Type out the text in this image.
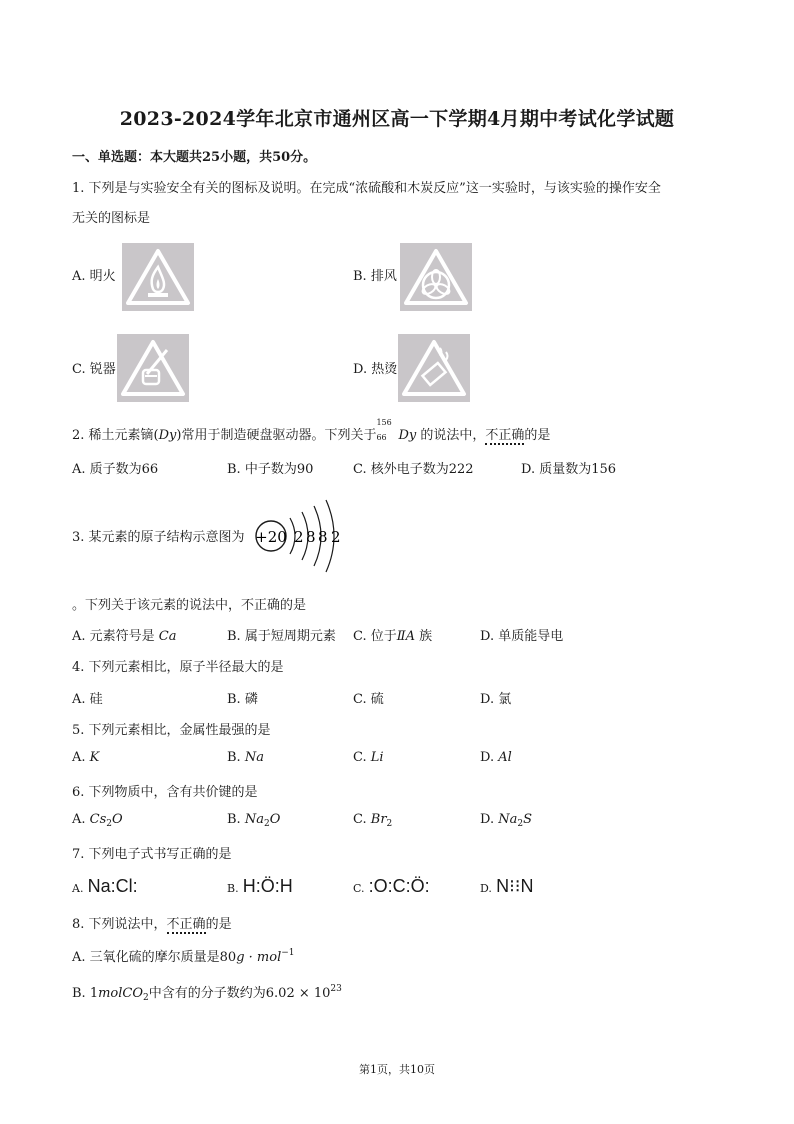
2023-2024学年北京市通州区高一下学期4月期中考试化学试题
一、单选题：本大题共25小题，共50分。
1. 下列是与实验安全有关的图标及说明。在完成“浓硫酸和木炭反应”这一实验时，与该实验的操作安全
无关的图标是
A. 明火	B. 排风
C. 锐器	D. 热烫
2. 稀土元素镝(Dy)常用于制造硬盘驱动器。下列关于
156
66 Dy 的说法中，不正确的是
A. 质子数为66	B. 中子数为90	C. 核外电子数为222	D. 质量数为156
3. 某元素的原子结构示意图为 +20 2 8 8 2
。下列关于该元素的说法中，不正确的是
A. 元素符号是 Ca	B. 属于短周期元素 C. 位于ⅡA 族	D. 单质能导电
4. 下列元素相比，原子半径最大的是
A. 硅	B. 磷	C. 硫	D. 氯
5. 下列元素相比，金属性最强的是
A. K	B. Na	C. Li	D. Al
6. 下列物质中，含有共价键的是
A. $Cs_2O$	B. $Na_2O$	C. $Br_2$	D. $Na_2S$
7. 下列电子式书写正确的是
A. Na:Cl:	B. H:Ö:H	C. :O:C:Ö:	D. N⁝⁝N
8. 下列说法中，不正确的是
A. 三氧化硫的摩尔质量是80g · mol$^{-1}$
B. 1molCO$_2$中含有的分子数约为$6.02 \times 10^{23}$
第1页，共10页
